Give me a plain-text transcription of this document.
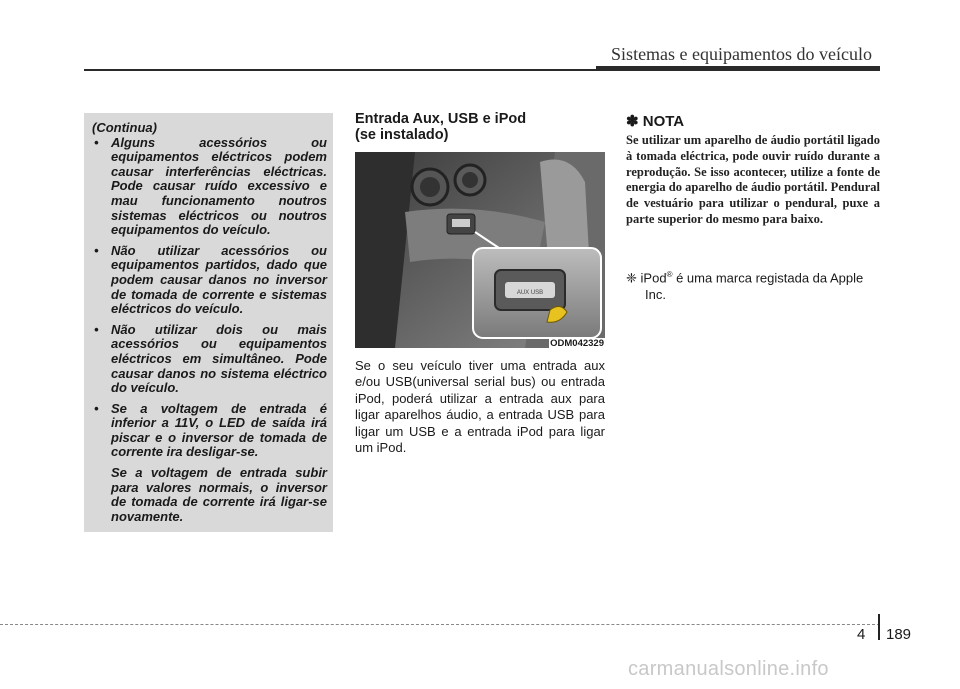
Sistemas e equipamentos do veículo

(Continua)

• Alguns acessórios ou equipamentos eléctricos podem causar interferências eléctricas. Pode causar ruído excessivo e mau funcionamento noutros sistemas eléctricos ou noutros equipamentos do veículo.

• Não utilizar acessórios ou equipamentos partidos, dado que podem causar danos no inversor de tomada de corrente e sistemas eléctricos do veículo.

• Não utilizar dois ou mais acessórios ou equipamentos eléctricos em simultâneo. Pode causar danos no sistema eléctrico do veículo.

• Se a voltagem de entrada é inferior a 11V, o LED de saída irá piscar e o inversor de tomada de corrente ira desligar-se.

Se a voltagem de entrada subir para valores normais, o inversor de tomada de corrente irá ligar-se novamente.

Entrada Aux, USB e iPod
(se instalado)
AUX USB
ODM042329
Se o seu veículo tiver uma entrada aux e/ou USB(universal serial bus) ou entrada iPod, poderá utilizar a entrada aux para ligar aparelhos áudio, a entrada USB para ligar um USB e a entrada iPod para ligar um iPod.
✽ NOTA
Se utilizar um aparelho de áudio portátil ligado à tomada eléctrica, pode ouvir ruído durante a reprodução. Se isso acontecer, utilize a fonte de energia do aparelho de áudio portátil. Pendural de vestuário para utilizar o pendural, puxe a parte superior do mesmo para baixo.
❈ iPod® é uma marca registada da Apple
Inc.
4 189
carmanualsonline.info
